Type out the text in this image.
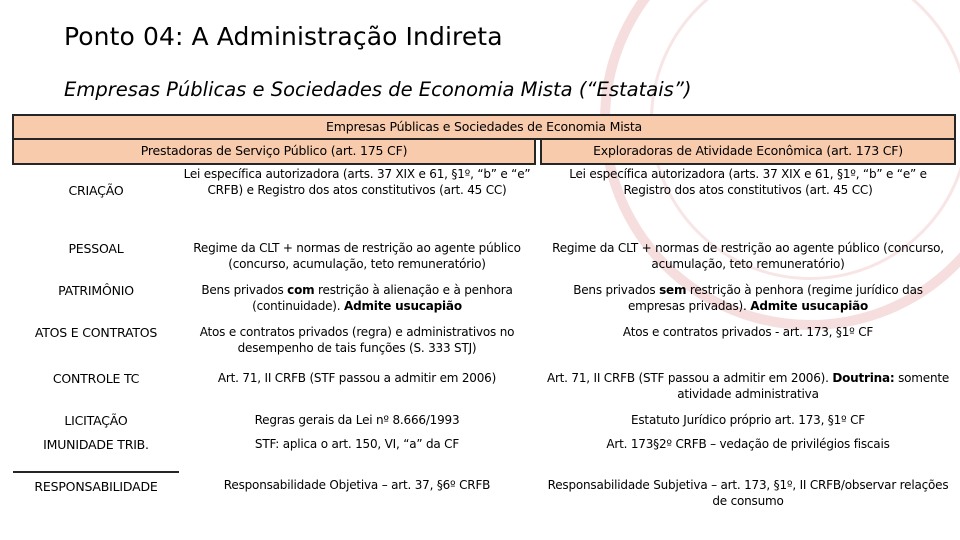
Ponto 04: A Administração Indireta
Empresas Públicas e Sociedades de Economia Mista (“Estatais”)
Empresas Públicas e Sociedades de Economia Mista			
Prestadoras de Serviço Público (art. 175 CF)			Exploradoras de Atividade Econômica (art. 173 CF)
CRIAÇÃO	Lei específica autorizadora (arts. 37 XIX e 61, §1º, “b” e “e” CRFB) e Registro dos atos constitutivos (art. 45 CC)		Lei específica autorizadora (arts. 37 XIX e 61, §1º, “b” e “e” e Registro dos atos constitutivos (art. 45 CC)
PESSOAL	Regime da CLT + normas de restrição ao agente público (concurso, acumulação, teto remuneratório)		Regime da CLT + normas de restrição ao agente público (concurso, acumulação, teto remuneratório)
PATRIMÔNIO	Bens privados com restrição à alienação e à penhora (continuidade). Admite usucapião		Bens privados sem restrição à penhora (regime jurídico das empresas privadas). Admite usucapião
ATOS E CONTRATOS	Atos e contratos privados (regra) e administrativos no desempenho de tais funções (S. 333 STJ)		Atos e contratos privados - art. 173, §1º CF
CONTROLE TC	Art. 71, II CRFB (STF passou a admitir em 2006)		Art. 71, II CRFB (STF passou a admitir em 2006). Doutrina: somente atividade administrativa
LICITAÇÃO	Regras gerais da Lei nº 8.666/1993		Estatuto Jurídico próprio art. 173, §1º CF
IMUNIDADE TRIB.	STF: aplica o art. 150, VI, “a” da CF		Art. 173§2º CRFB – vedação de privilégios fiscais
RESPONSABILIDADE	Responsabilidade Objetiva – art. 37, §6º CRFB		Responsabilidade Subjetiva – art. 173, §1º, II CRFB/observar relações de consumo
